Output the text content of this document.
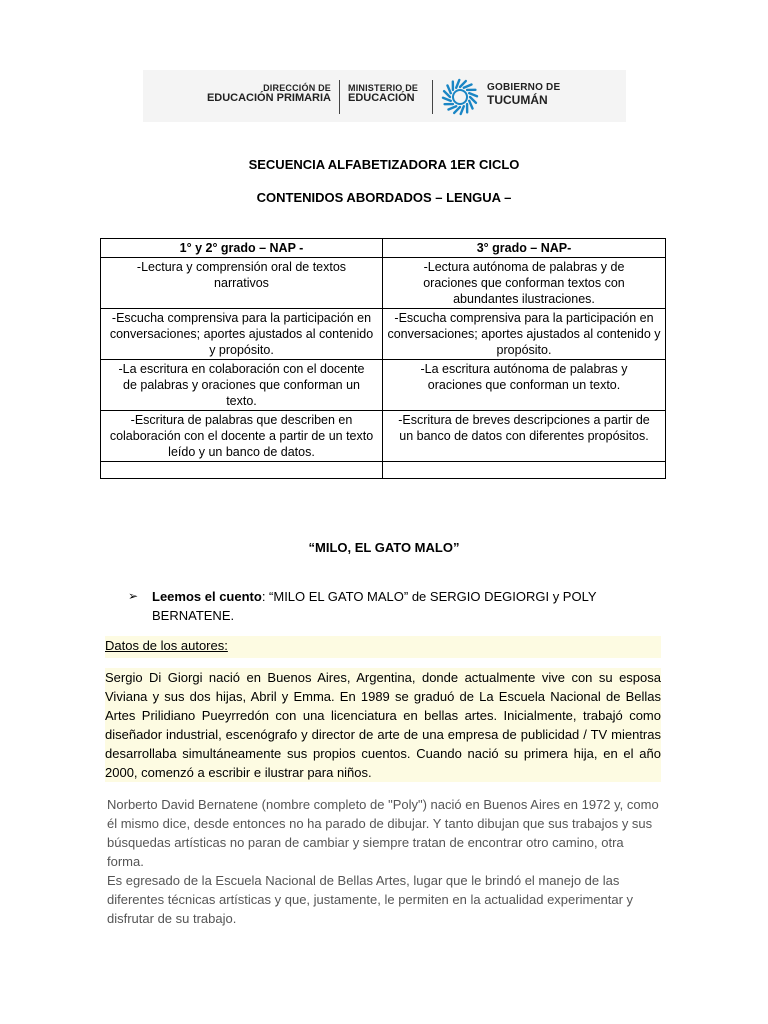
DIRECCIÓN DE
EDUCACIÓN PRIMARIA
MINISTERIO DE
EDUCACIÓN
GOBIERNO DE
TUCUMÁN
SECUENCIA ALFABETIZADORA 1ER CICLO
CONTENIDOS ABORDADOS – LENGUA –
1° y 2° grado – NAP -	3° grado – NAP-
-Lectura y comprensión oral de textos narrativos	-Lectura autónoma de palabras y de oraciones que conforman textos con abundantes ilustraciones.
-Escucha comprensiva para la participación en conversaciones; aportes ajustados al contenido y propósito.	-Escucha comprensiva para la participación en conversaciones; aportes ajustados al contenido y propósito.
-La escritura en colaboración con el docente de palabras y oraciones que conforman un texto.	-La escritura autónoma de palabras y oraciones que conforman un texto.
-Escritura de palabras que describen en colaboración con el docente a partir de un texto leído y un banco de datos.	-Escritura de breves descripciones a partir de un banco de datos con diferentes propósitos.

“MILO, EL GATO MALO”
➢ Leemos el cuento: “MILO EL GATO MALO” de SERGIO DEGIORGI y POLY BERNATENE.
Datos de los autores:
Sergio Di Giorgi nació en Buenos Aires, Argentina, donde actualmente vive con su esposa Viviana y sus dos hijas, Abril y Emma. En 1989 se graduó de La Escuela Nacional de Bellas Artes Prilidiano Pueyrredón con una licenciatura en bellas artes. Inicialmente, trabajó como diseñador industrial, escenógrafo y director de arte de una empresa de publicidad / TV mientras desarrollaba simultáneamente sus propios cuentos. Cuando nació su primera hija, en el año 2000, comenzó a escribir e ilustrar para niños.

Norberto David Bernatene (nombre completo de "Poly") nació en Buenos Aires en 1972 y, como él mismo dice, desde entonces no ha parado de dibujar. Y tanto dibujan que sus trabajos y sus búsquedas artísticas no paran de cambiar y siempre tratan de encontrar otro camino, otra forma.

Es egresado de la Escuela Nacional de Bellas Artes, lugar que le brindó el manejo de las diferentes técnicas artísticas y que, justamente, le permiten en la actualidad experimentar y disfrutar de su trabajo.
